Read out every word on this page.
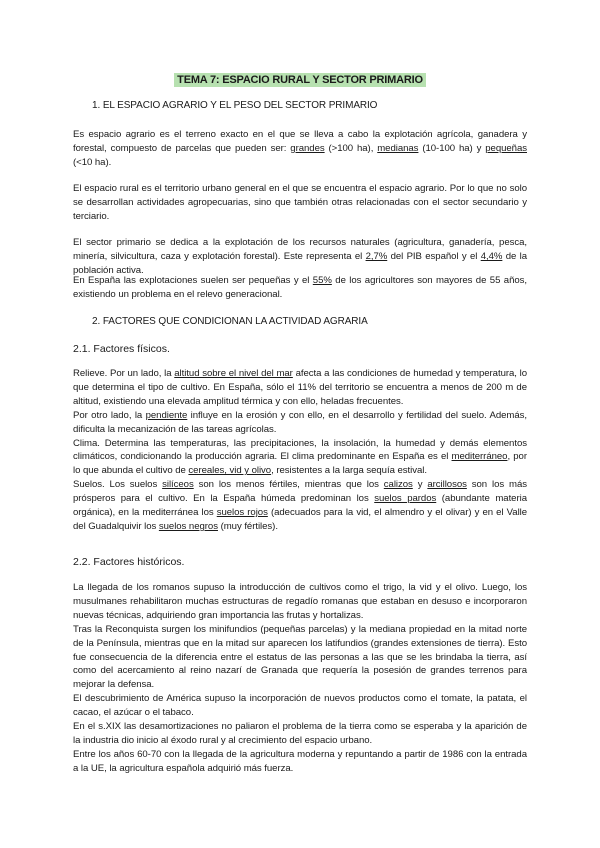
TEMA 7: ESPACIO RURAL Y SECTOR PRIMARIO
1. EL ESPACIO AGRARIO Y EL PESO DEL SECTOR PRIMARIO

Es espacio agrario es el terreno exacto en el que se lleva a cabo la explotación agrícola, ganadera y forestal, compuesto de parcelas que pueden ser: grandes (>100 ha), medianas (10-100 ha) y pequeñas (<10 ha).

El espacio rural es el territorio urbano general en el que se encuentra el espacio agrario. Por lo que no solo se desarrollan actividades agropecuarias, sino que también otras relacionadas con el sector secundario y terciario.

El sector primario se dedica a la explotación de los recursos naturales (agricultura, ganadería, pesca, minería, silvicultura, caza y explotación forestal). Este representa el 2,7% del PIB español y el 4,4% de la población activa.

En España las explotaciones suelen ser pequeñas y el 55% de los agricultores son mayores de 55 años, existiendo un problema en el relevo generacional.

2. FACTORES QUE CONDICIONAN LA ACTIVIDAD AGRARIA
2.1. Factores físicos.
Relieve. Por un lado, la altitud sobre el nivel del mar afecta a las condiciones de humedad y temperatura, lo que determina el tipo de cultivo. En España, sólo el 11% del territorio se encuentra a menos de 200 m de altitud, existiendo una elevada amplitud térmica y con ello, heladas frecuentes.
Por otro lado, la pendiente influye en la erosión y con ello, en el desarrollo y fertilidad del suelo. Además, dificulta la mecanización de las tareas agrícolas.
Clima. Determina las temperaturas, las precipitaciones, la insolación, la humedad y demás elementos climáticos, condicionando la producción agraria. El clima predominante en España es el mediterráneo, por lo que abunda el cultivo de cereales, vid y olivo, resistentes a la larga sequía estival.
Suelos. Los suelos silíceos son los menos fértiles, mientras que los calizos y arcillosos son los más prósperos para el cultivo. En la España húmeda predominan los suelos pardos (abundante materia orgánica), en la mediterránea los suelos rojos (adecuados para la vid, el almendro y el olivar) y en el Valle del Guadalquivir los suelos negros (muy fértiles).
2.2. Factores históricos.
La llegada de los romanos supuso la introducción de cultivos como el trigo, la vid y el olivo. Luego, los musulmanes rehabilitaron muchas estructuras de regadío romanas que estaban en desuso e incorporaron nuevas técnicas, adquiriendo gran importancia las frutas y hortalizas.
Tras la Reconquista surgen los minifundios (pequeñas parcelas) y la mediana propiedad en la mitad norte de la Península, mientras que en la mitad sur aparecen los latifundios (grandes extensiones de tierra). Esto fue consecuencia de la diferencia entre el estatus de las personas a las que se les brindaba la tierra, así como del acercamiento al reino nazarí de Granada que requería la posesión de grandes terrenos para mejorar la defensa.
El descubrimiento de América supuso la incorporación de nuevos productos como el tomate, la patata, el cacao, el azúcar o el tabaco.
En el s.XIX las desamortizaciones no paliaron el problema de la tierra como se esperaba y la aparición de la industria dio inicio al éxodo rural y al crecimiento del espacio urbano.
Entre los años 60-70 con la llegada de la agricultura moderna y repuntando a partir de 1986 con la entrada a la UE, la agricultura española adquirió más fuerza.
